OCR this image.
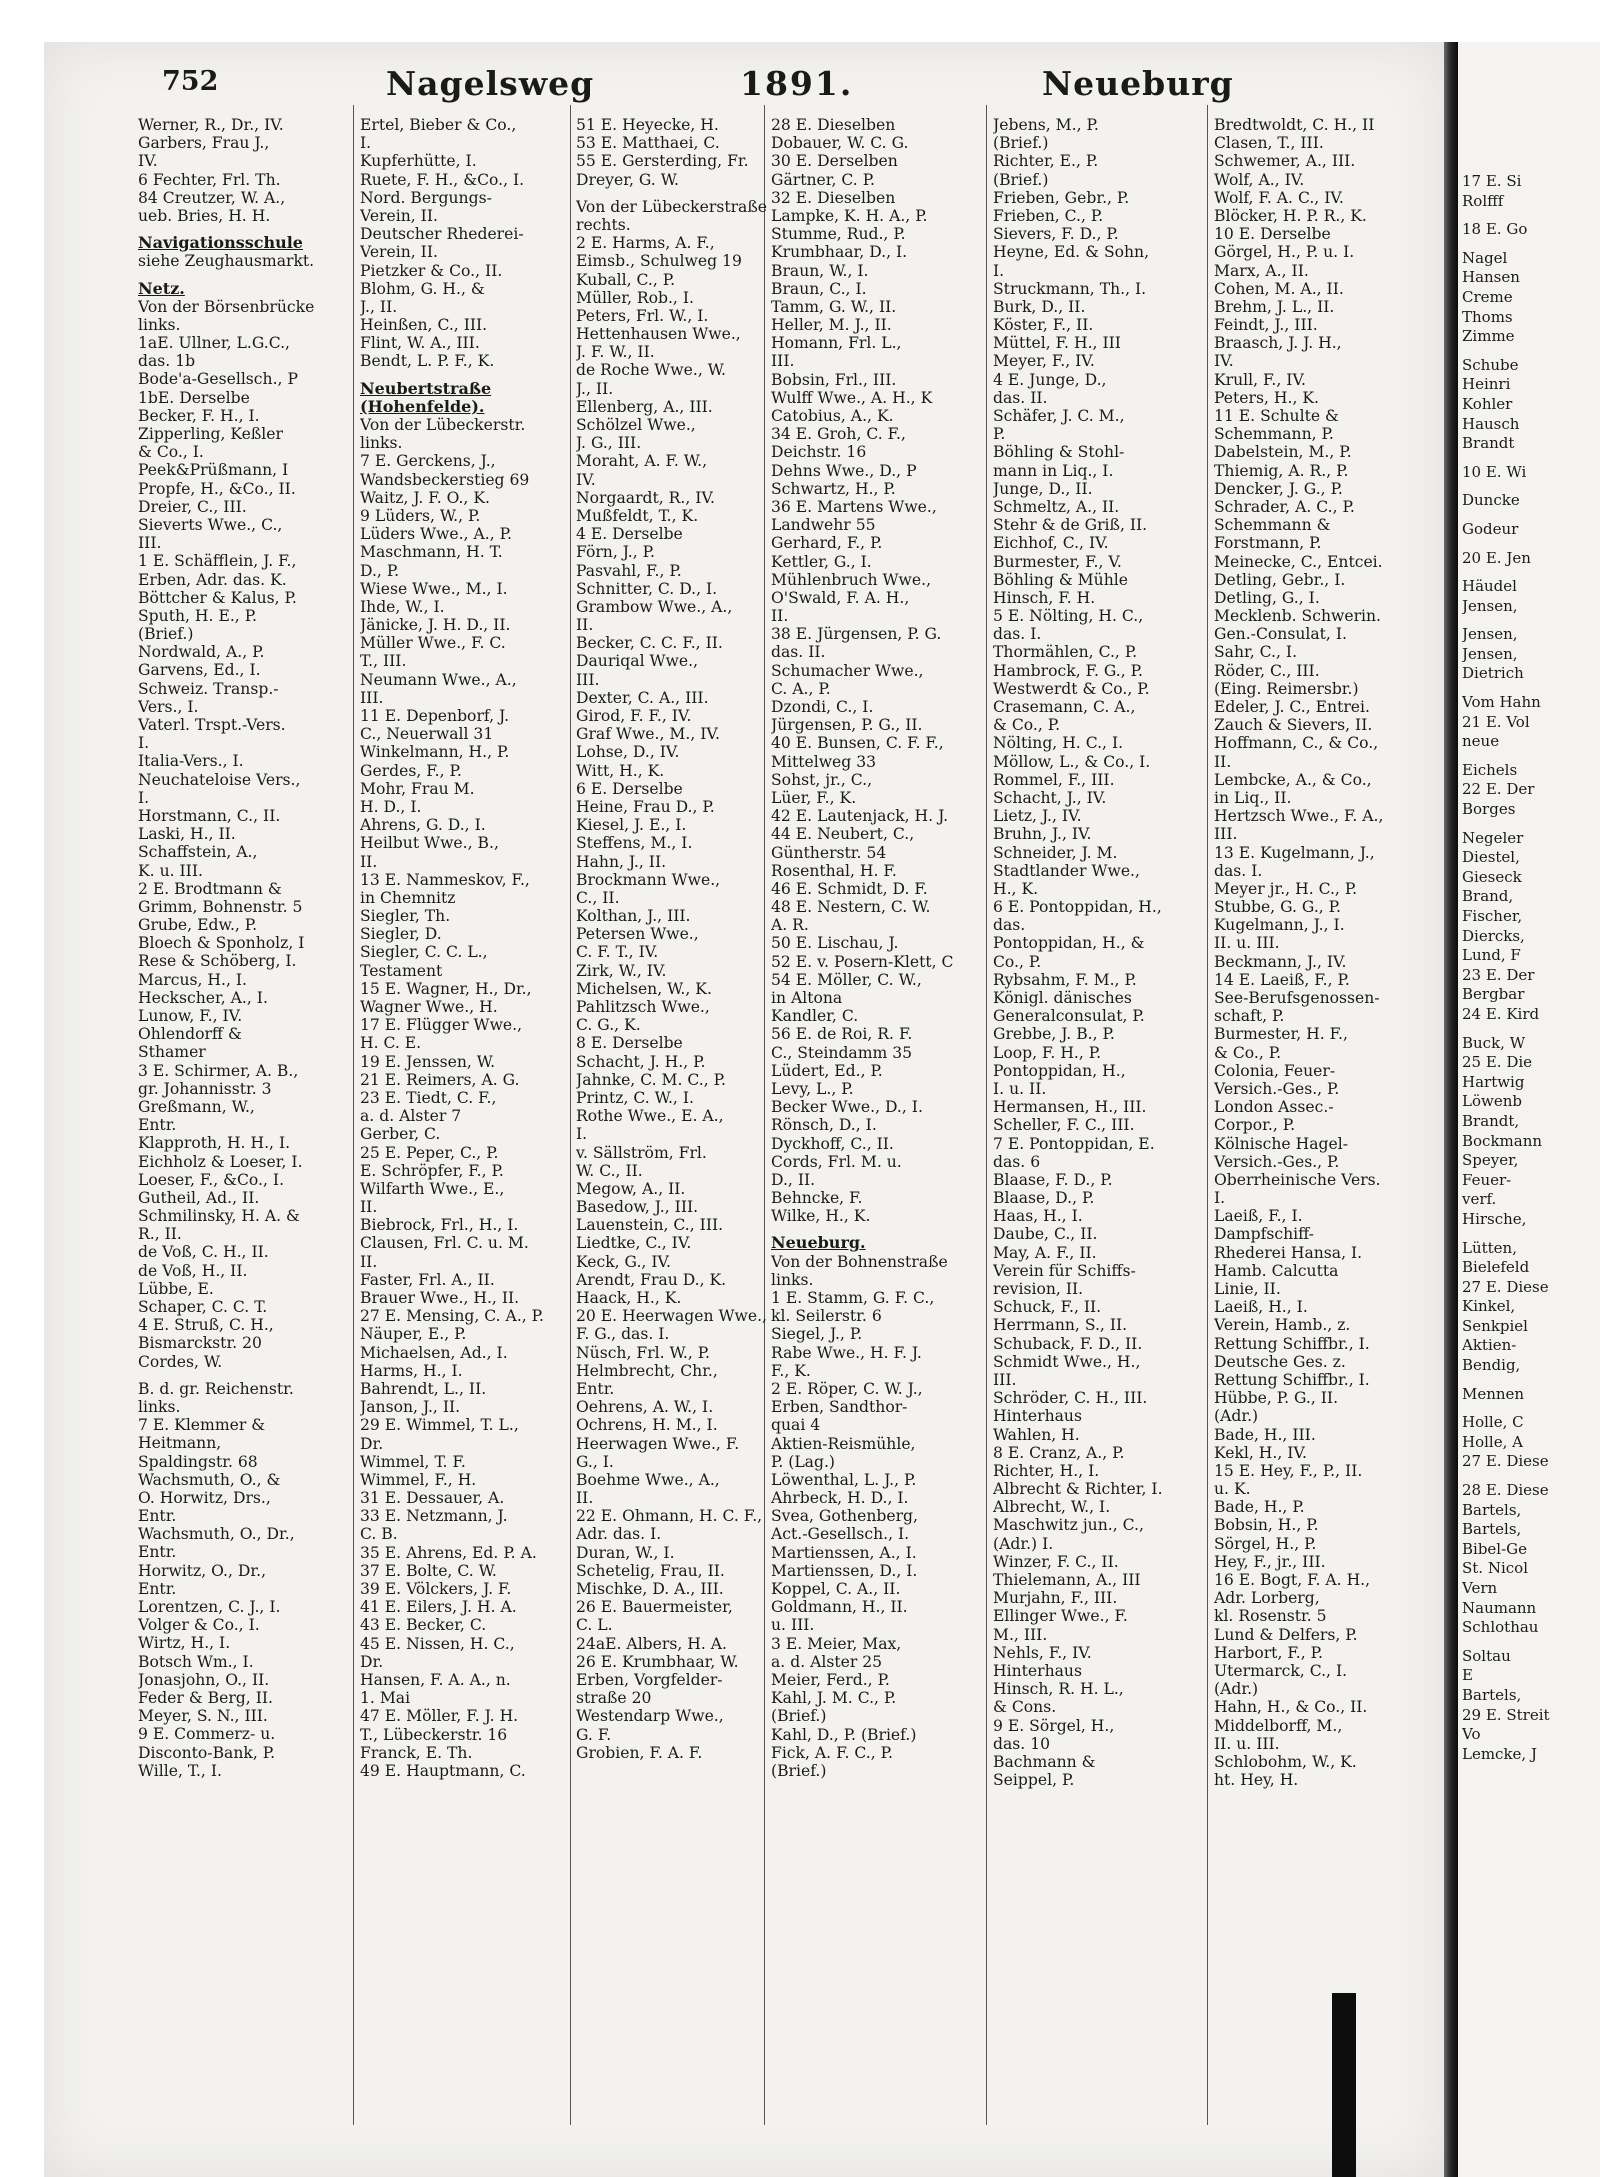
17 E. Si
Rolfff
18 E. Go
Nagel
Hansen
Creme
Thoms
Zimme
Schube
Heinri
Kohler
Hausch
Brandt
10 E. Wi
Duncke
Godeur
20 E. Jen
Häudel
Jensen,
Jensen,
Jensen,
Dietrich
Vom Hahn
21 E. Vol
neue
Eichels
22 E. Der
Borges
Negeler
Diestel,
Gieseck
Brand,
Fischer,
Diercks,
Lund, F
23 E. Der
Bergbar
24 E. Kird
Buck, W
25 E. Die
Hartwig
Löwenb
Brandt,
Bockmann
Speyer,
Feuer-
verf.
Hirsche,
Lütten,
Bielefeld
27 E. Diese
Kinkel,
Senkpiel
Aktien-
Bendig,
Mennen
Holle, C
Holle, A
27 E. Diese
28 E. Diese
Bartels,
Bartels,
Bibel-Ge
St. Nicol
Vern
Naumann
Schlothau
Soltau
E
Bartels,
29 E. Streit
Vo
Lemcke, J
752	Nagelsweg	1891.	Neueburg
Werner, R., Dr., IV.
Garbers, Frau J.,
IV.
6 Fechter, Frl. Th.
84 Creutzer, W. A.,
ueb. Bries, H. H.
Navigationsschule
siehe Zeughausmarkt.
Netz.
Von der Börsenbrücke
links.
1aE. Ullner, L.G.C.,
das. 1b
Bode'a-Gesellsch., P
1bE. Derselbe
Becker, F. H., I.
Zipperling, Keßler
& Co., I.
Peek&Prüßmann, I
Propfe, H., &Co., II.
Dreier, C., III.
Sieverts Wwe., C.,
III.
1 E. Schäfflein, J. F.,
Erben, Adr. das. K.
Böttcher & Kalus, P.
Sputh, H. E., P.
(Brief.)
Nordwald, A., P.
Garvens, Ed., I.
Schweiz. Transp.-
Vers., I.
Vaterl. Trspt.-Vers.
I.
Italia-Vers., I.
Neuchateloise Vers.,
I.
Horstmann, C., II.
Laski, H., II.
Schaffstein, A.,
K. u. III.
2 E. Brodtmann &
Grimm, Bohnenstr. 5
Grube, Edw., P.
Bloech & Sponholz, I
Rese & Schöberg, I.
Marcus, H., I.
Heckscher, A., I.
Lunow, F., IV.
Ohlendorff &
Sthamer
3 E. Schirmer, A. B.,
gr. Johannisstr. 3
Greßmann, W.,
Entr.
Klapproth, H. H., I.
Eichholz & Loeser, I.
Loeser, F., &Co., I.
Gutheil, Ad., II.
Schmilinsky, H. A. &
R., II.
de Voß, C. H., II.
de Voß, H., II.
Lübbe, E.
Schaper, C. C. T.
4 E. Struß, C. H.,
Bismarckstr. 20
Cordes, W.
B. d. gr. Reichenstr.
links.
7 E. Klemmer &
Heitmann,
Spaldingstr. 68
Wachsmuth, O., &
O. Horwitz, Drs.,
Entr.
Wachsmuth, O., Dr.,
Entr.
Horwitz, O., Dr.,
Entr.
Lorentzen, C. J., I.
Volger & Co., I.
Wirtz, H., I.
Botsch Wm., I.
Jonasjohn, O., II.
Feder & Berg, II.
Meyer, S. N., III.
9 E. Commerz- u.
Disconto-Bank, P.
Wille, T., I.
Ertel, Bieber & Co.,
I.
Kupferhütte, I.
Ruete, F. H., &Co., I.
Nord. Bergungs-
Verein, II.
Deutscher Rhederei-
Verein, II.
Pietzker & Co., II.
Blohm, G. H., &
J., II.
Heinßen, C., III.
Flint, W. A., III.
Bendt, L. P. F., K.
Neubertstraße
(Hohenfelde).
Von der Lübeckerstr.
links.
7 E. Gerckens, J.,
Wandsbeckerstieg 69
Waitz, J. F. O., K.
9 Lüders, W., P.
Lüders Wwe., A., P.
Maschmann, H. T.
D., P.
Wiese Wwe., M., I.
Ihde, W., I.
Jänicke, J. H. D., II.
Müller Wwe., F. C.
T., III.
Neumann Wwe., A.,
III.
11 E. Depenborf, J.
C., Neuerwall 31
Winkelmann, H., P.
Gerdes, F., P.
Mohr, Frau M.
H. D., I.
Ahrens, G. D., I.
Heilbut Wwe., B.,
II.
13 E. Nammeskov, F.,
in Chemnitz
Siegler, Th.
Siegler, D.
Siegler, C. C. L.,
Testament
15 E. Wagner, H., Dr.,
Wagner Wwe., H.
17 E. Flügger Wwe.,
H. C. E.
19 E. Jenssen, W.
21 E. Reimers, A. G.
23 E. Tiedt, C. F.,
a. d. Alster 7
Gerber, C.
25 E. Peper, C., P.
E. Schröpfer, F., P.
Wilfarth Wwe., E.,
II.
Biebrock, Frl., H., I.
Clausen, Frl. C. u. M.
II.
Faster, Frl. A., II.
Brauer Wwe., H., II.
27 E. Mensing, C. A., P.
Näuper, E., P.
Michaelsen, Ad., I.
Harms, H., I.
Bahrendt, L., II.
Janson, J., II.
29 E. Wimmel, T. L.,
Dr.
Wimmel, T. F.
Wimmel, F., H.
31 E. Dessauer, A.
33 E. Netzmann, J.
C. B.
35 E. Ahrens, Ed. P. A.
37 E. Bolte, C. W.
39 E. Völckers, J. F.
41 E. Eilers, J. H. A.
43 E. Becker, C.
45 E. Nissen, H. C.,
Dr.
Hansen, F. A. A., n.
1. Mai
47 E. Möller, F. J. H.
T., Lübeckerstr. 16
Franck, E. Th.
49 E. Hauptmann, C.
51 E. Heyecke, H.
53 E. Matthaei, C.
55 E. Gersterding, Fr.
Dreyer, G. W.
Von der Lübeckerstraße
rechts.
2 E. Harms, A. F.,
Eimsb., Schulweg 19
Kuball, C., P.
Müller, Rob., I.
Peters, Frl. W., I.
Hettenhausen Wwe.,
J. F. W., II.
de Roche Wwe., W.
J., II.
Ellenberg, A., III.
Schölzel Wwe.,
J. G., III.
Moraht, A. F. W.,
IV.
Norgaardt, R., IV.
Mußfeldt, T., K.
4 E. Derselbe
Förn, J., P.
Pasvahl, F., P.
Schnitter, C. D., I.
Grambow Wwe., A.,
II.
Becker, C. C. F., II.
Dauriqal Wwe.,
III.
Dexter, C. A., III.
Girod, F. F., IV.
Graf Wwe., M., IV.
Lohse, D., IV.
Witt, H., K.
6 E. Derselbe
Heine, Frau D., P.
Kiesel, J. E., I.
Steffens, M., I.
Hahn, J., II.
Brockmann Wwe.,
C., II.
Kolthan, J., III.
Petersen Wwe.,
C. F. T., IV.
Zirk, W., IV.
Michelsen, W., K.
Pahlitzsch Wwe.,
C. G., K.
8 E. Derselbe
Schacht, J. H., P.
Jahnke, C. M. C., P.
Printz, C. W., I.
Rothe Wwe., E. A.,
I.
v. Sällström, Frl.
W. C., II.
Megow, A., II.
Basedow, J., III.
Lauenstein, C., III.
Liedtke, C., IV.
Keck, G., IV.
Arendt, Frau D., K.
Haack, H., K.
20 E. Heerwagen Wwe.,
F. G., das. I.
Nüsch, Frl. W., P.
Helmbrecht, Chr.,
Entr.
Oehrens, A. W., I.
Ochrens, H. M., I.
Heerwagen Wwe., F.
G., I.
Boehme Wwe., A.,
II.
22 E. Ohmann, H. C. F.,
Adr. das. I.
Duran, W., I.
Schetelig, Frau, II.
Mischke, D. A., III.
26 E. Bauermeister,
C. L.
24aE. Albers, H. A.
26 E. Krumbhaar, W.
Erben, Vorgfelder-
straße 20
Westendarp Wwe.,
G. F.
Grobien, F. A. F.
28 E. Dieselben
Dobauer, W. C. G.
30 E. Derselben
Gärtner, C. P.
32 E. Dieselben
Lampke, K. H. A., P.
Stumme, Rud., P.
Krumbhaar, D., I.
Braun, W., I.
Braun, C., I.
Tamm, G. W., II.
Heller, M. J., II.
Homann, Frl. L.,
III.
Bobsin, Frl., III.
Wulff Wwe., A. H., K
Catobius, A., K.
34 E. Groh, C. F.,
Deichstr. 16
Dehns Wwe., D., P
Schwartz, H., P.
36 E. Martens Wwe.,
Landwehr 55
Gerhard, F., P.
Kettler, G., I.
Mühlenbruch Wwe.,
O'Swald, F. A. H.,
II.
38 E. Jürgensen, P. G.
das. II.
Schumacher Wwe.,
C. A., P.
Dzondi, C., I.
Jürgensen, P. G., II.
40 E. Bunsen, C. F. F.,
Mittelweg 33
Sohst, jr., C.,
Lüer, F., K.
42 E. Lautenjack, H. J.
44 E. Neubert, C.,
Güntherstr. 54
Rosenthal, H. F.
46 E. Schmidt, D. F.
48 E. Nestern, C. W.
A. R.
50 E. Lischau, J.
52 E. v. Posern-Klett, C
54 E. Möller, C. W.,
in Altona
Kandler, C.
56 E. de Roi, R. F.
C., Steindamm 35
Lüdert, Ed., P.
Levy, L., P.
Becker Wwe., D., I.
Rönsch, D., I.
Dyckhoff, C., II.
Cords, Frl. M. u.
D., II.
Behncke, F.
Wilke, H., K.
Neueburg.
Von der Bohnenstraße
links.
1 E. Stamm, G. F. C.,
kl. Seilerstr. 6
Siegel, J., P.
Rabe Wwe., H. F. J.
F., K.
2 E. Röper, C. W. J.,
Erben, Sandthor-
quai 4
Aktien-Reismühle,
P. (Lag.)
Löwenthal, L. J., P.
Ahrbeck, H. D., I.
Svea, Gothenberg,
Act.-Gesellsch., I.
Martienssen, A., I.
Martienssen, D., I.
Koppel, C. A., II.
Goldmann, H., II.
u. III.
3 E. Meier, Max,
a. d. Alster 25
Meier, Ferd., P.
Kahl, J. M. C., P.
(Brief.)
Kahl, D., P. (Brief.)
Fick, A. F. C., P.
(Brief.)
Jebens, M., P.
(Brief.)
Richter, E., P.
(Brief.)
Frieben, Gebr., P.
Frieben, C., P.
Sievers, F. D., P.
Heyne, Ed. & Sohn,
I.
Struckmann, Th., I.
Burk, D., II.
Köster, F., II.
Müttel, F. H., III
Meyer, F., IV.
4 E. Junge, D.,
das. II.
Schäfer, J. C. M.,
P.
Böhling & Stohl-
mann in Liq., I.
Junge, D., II.
Schmeltz, A., II.
Stehr & de Griß, II.
Eichhof, C., IV.
Burmester, F., V.
Böhling & Mühle
Hinsch, F. H.
5 E. Nölting, H. C.,
das. I.
Thormählen, C., P.
Hambrock, F. G., P.
Westwerdt & Co., P.
Crasemann, C. A.,
& Co., P.
Nölting, H. C., I.
Möllow, L., & Co., I.
Rommel, F., III.
Schacht, J., IV.
Lietz, J., IV.
Bruhn, J., IV.
Schneider, J. M.
Stadtlander Wwe.,
H., K.
6 E. Pontoppidan, H.,
das.
Pontoppidan, H., &
Co., P.
Rybsahm, F. M., P.
Königl. dänisches
Generalconsulat, P.
Grebbe, J. B., P.
Loop, F. H., P.
Pontoppidan, H.,
I. u. II.
Hermansen, H., III.
Scheller, F. C., III.
7 E. Pontoppidan, E.
das. 6
Blaase, F. D., P.
Blaase, D., P.
Haas, H., I.
Daube, C., II.
May, A. F., II.
Verein für Schiffs-
revision, II.
Schuck, F., II.
Herrmann, S., II.
Schuback, F. D., II.
Schmidt Wwe., H.,
III.
Schröder, C. H., III.
Hinterhaus
Wahlen, H.
8 E. Cranz, A., P.
Richter, H., I.
Albrecht & Richter, I.
Albrecht, W., I.
Maschwitz jun., C.,
(Adr.) I.
Winzer, F. C., II.
Thielemann, A., III
Murjahn, F., III.
Ellinger Wwe., F.
M., III.
Nehls, F., IV.
Hinterhaus
Hinsch, R. H. L.,
& Cons.
9 E. Sörgel, H.,
das. 10
Bachmann &
Seippel, P.
Bredtwoldt, C. H., II
Clasen, T., III.
Schwemer, A., III.
Wolf, A., IV.
Wolf, F. A. C., IV.
Blöcker, H. P. R., K.
10 E. Derselbe
Görgel, H., P. u. I.
Marx, A., II.
Cohen, M. A., II.
Brehm, J. L., II.
Feindt, J., III.
Braasch, J. J. H.,
IV.
Krull, F., IV.
Peters, H., K.
11 E. Schulte &
Schemmann, P.
Dabelstein, M., P.
Thiemig, A. R., P.
Dencker, J. G., P.
Schrader, A. C., P.
Schemmann &
Forstmann, P.
Meinecke, C., Entcei.
Detling, Gebr., I.
Detling, G., I.
Mecklenb. Schwerin.
Gen.-Consulat, I.
Sahr, C., I.
Röder, C., III.
(Eing. Reimersbr.)
Edeler, J. C., Entrei.
Zauch & Sievers, II.
Hoffmann, C., & Co.,
II.
Lembcke, A., & Co.,
in Liq., II.
Hertzsch Wwe., F. A.,
III.
13 E. Kugelmann, J.,
das. I.
Meyer jr., H. C., P.
Stubbe, G. G., P.
Kugelmann, J., I.
II. u. III.
Beckmann, J., IV.
14 E. Laeiß, F., P.
See-Berufsgenossen-
schaft, P.
Burmester, H. F.,
& Co., P.
Colonia, Feuer-
Versich.-Ges., P.
London Assec.-
Corpor., P.
Kölnische Hagel-
Versich.-Ges., P.
Oberrheinische Vers.
I.
Laeiß, F., I.
Dampfschiff-
Rhederei Hansa, I.
Hamb. Calcutta
Linie, II.
Laeiß, H., I.
Verein, Hamb., z.
Rettung Schiffbr., I.
Deutsche Ges. z.
Rettung Schiffbr., I.
Hübbe, P. G., II.
(Adr.)
Bade, H., III.
Kekl, H., IV.
15 E. Hey, F., P., II.
u. K.
Bade, H., P.
Bobsin, H., P.
Sörgel, H., P.
Hey, F., jr., III.
16 E. Bogt, F. A. H.,
Adr. Lorberg,
kl. Rosenstr. 5
Lund & Delfers, P.
Harbort, F., P.
Utermarck, C., I.
(Adr.)
Hahn, H., & Co., II.
Middelborff, M.,
II. u. III.
Schlobohm, W., K.
ht. Hey, H.
